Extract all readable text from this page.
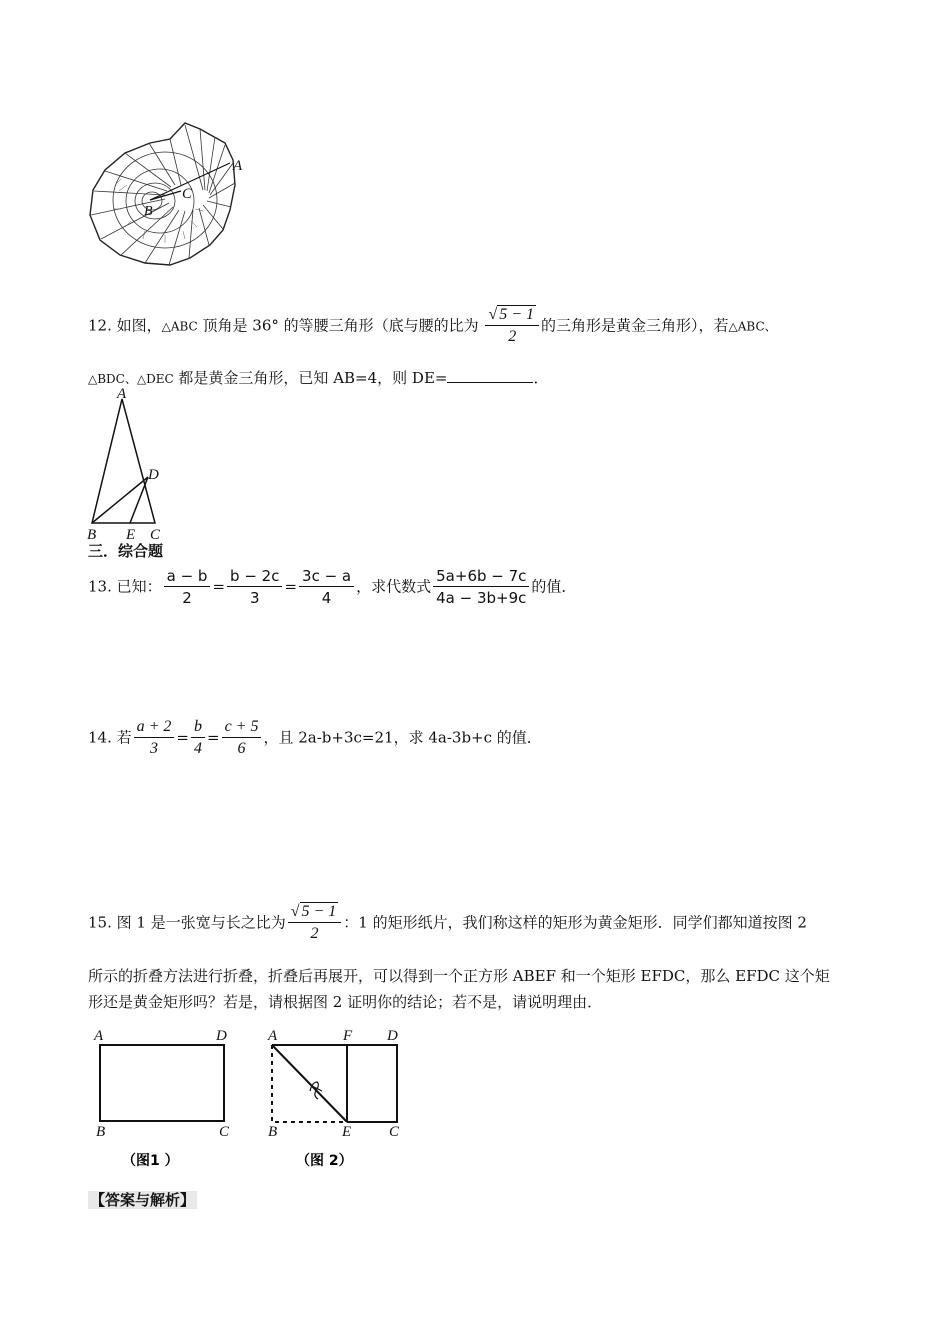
A
C
B
12. 如图，△ABC 顶角是 36° 的等腰三角形（底与腰的比为 $\frac{√ 5 - 1}{2}$ 的三角形是黄金三角形），若△ABC、
△BDC、△DEC 都是黄金三角形，已知 AB=4，则 DE=	．
A
D
B E C
三．综合题
13. 已知： $\frac{a - b}{2} = \frac{b - 2c}{3} = \frac{3c - a}{4}$ ，求代数式 $\frac{5a+6b - 7c}{4a - 3b+9c}$ 的值．
14. 若 $\frac{a + 2}{3} = \frac{b}{4} = \frac{c + 5}{6}$ ，且 2a-b+3c=21，求 4a-3b+c 的值．
15. 图 1 是一张宽与长之比为 $\frac{√ 5 - 1}{2}$ ：1 的矩形纸片，我们称这样的矩形为黄金矩形．同学们都知道按图 2
所示的折叠方法进行折叠，折叠后再展开，可以得到一个正方形 ABEF 和一个矩形 EFDC，那么 EFDC 这个矩
形还是黄金矩形吗？若是，请根据图 2 证明你的结论；若不是，请说明理由．
A	D
B	C
（图1 ）
A	F D
B	E	C
（图 2）
【答案与解析】
